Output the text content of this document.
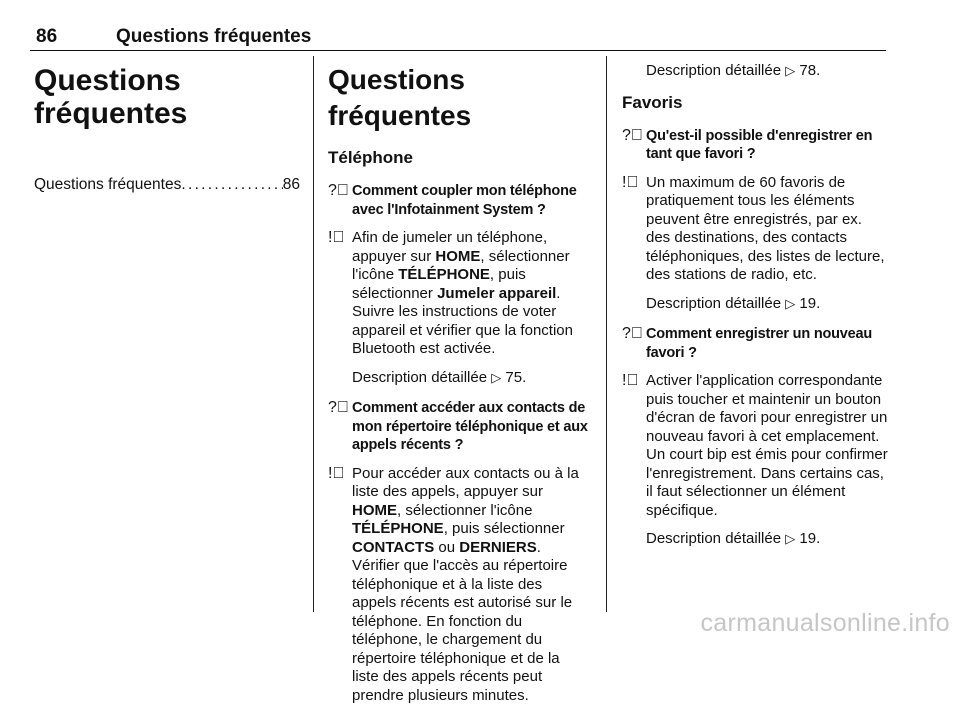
86	Questions fréquentes
Questions
fréquentes
Questions fréquentes
. . .	86
Questions fréquentes
Téléphone
?⃝ Comment coupler mon téléphone avec l'Infotainment System ?
!⃝ Afin de jumeler un téléphone, appuyer sur HOME, sélectionner l'icône TÉLÉPHONE, puis sélectionner Jumeler appareil. Suivre les instructions de voter appareil et vérifier que la fonction Bluetooth est activée.
Description détaillée ▷ 75.
?⃝ Comment accéder aux contacts de mon répertoire téléphonique et aux appels récents ?
!⃝ Pour accéder aux contacts ou à la liste des appels, appuyer sur HOME, sélectionner l'icône TÉLÉPHONE, puis sélectionner CONTACTS ou DERNIERS. Vérifier que l'accès au répertoire téléphonique et à la liste des appels récents est autorisé sur le téléphone. En fonction du téléphone, le chargement du répertoire téléphonique et de la liste des appels récents peut prendre plusieurs minutes.
Description détaillée ▷ 78.
Favoris
?⃝ Qu'est-il possible d'enregistrer en tant que favori ?
!⃝ Un maximum de 60 favoris de pratiquement tous les éléments peuvent être enregistrés, par ex. des destinations, des contacts téléphoniques, des listes de lecture, des stations de radio, etc.
Description détaillée ▷ 19.
?⃝ Comment enregistrer un nouveau favori ?
!⃝ Activer l'application correspondante puis toucher et maintenir un bouton d'écran de favori pour enregistrer un nouveau favori à cet emplacement. Un court bip est émis pour confirmer l'enregistrement. Dans certains cas, il faut sélectionner un élément spécifique.
Description détaillée ▷ 19.
carmanualsonline.info
